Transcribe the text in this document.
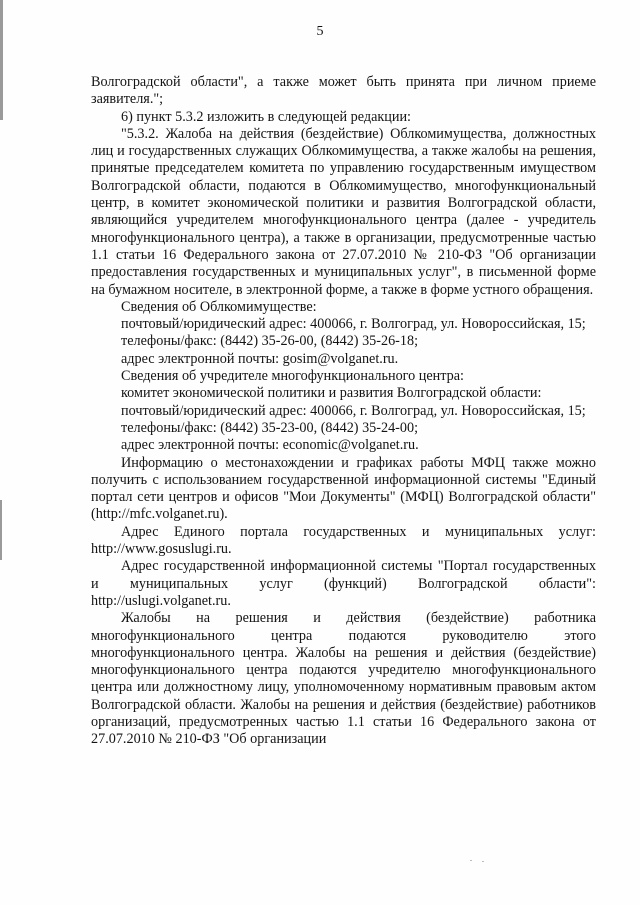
5

Волгоградской области", а также может быть принята при личном приеме заявителя.";

6) пункт 5.3.2 изложить в следующей редакции:

"5.3.2. Жалоба на действия (бездействие) Облкомимущества, должностных лиц и государственных служащих Облкомимущества, а также жалобы на решения, принятые председателем комитета по управлению государственным имуществом Волгоградской области, подаются в Облкомимущество, многофункциональный центр, в комитет экономической политики и развития Волгоградской области, являющийся учредителем многофункционального центра (далее - учредитель многофункционального центра), а также в организации, предусмотренные частью 1.1 статьи 16 Федерального закона от 27.07.2010 № 210-ФЗ "Об организации предоставления государственных и муниципальных услуг", в письменной форме на бумажном носителе, в электронной форме, а также в форме устного обращения.

Сведения об Облкомимуществе:

почтовый/юридический адрес: 400066, г. Волгоград, ул. Новороссийская, 15;

телефоны/факс: (8442) 35-26-00, (8442) 35-26-18;

адрес электронной почты: gosim@volganet.ru.

Сведения об учредителе многофункционального центра:

комитет экономической политики и развития Волгоградской области:

почтовый/юридический адрес: 400066, г. Волгоград, ул. Новороссийская, 15;

телефоны/факс: (8442) 35-23-00, (8442) 35-24-00;

адрес электронной почты: economic@volganet.ru.

Информацию о местонахождении и графиках работы МФЦ также можно получить с использованием государственной информационной системы "Единый портал сети центров и офисов "Мои Документы" (МФЦ) Волгоградской области" (http://mfc.volganet.ru).

Адрес Единого портала государственных и муниципальных услуг: http://www.gosuslugi.ru.

Адрес государственной информационной системы "Портал государственных и муниципальных услуг (функций) Волгоградской области": http://uslugi.volganet.ru.

Жалобы на решения и действия (бездействие) работника многофункционального центра подаются руководителю этого многофункционального центра. Жалобы на решения и действия (бездействие) многофункционального центра подаются учредителю многофункционального центра или должностному лицу, уполномоченному нормативным правовым актом Волгоградской области. Жалобы на решения и действия (бездействие) работников организаций, предусмотренных частью 1.1 статьи 16 Федерального закона от 27.07.2010 № 210-ФЗ "Об организации
